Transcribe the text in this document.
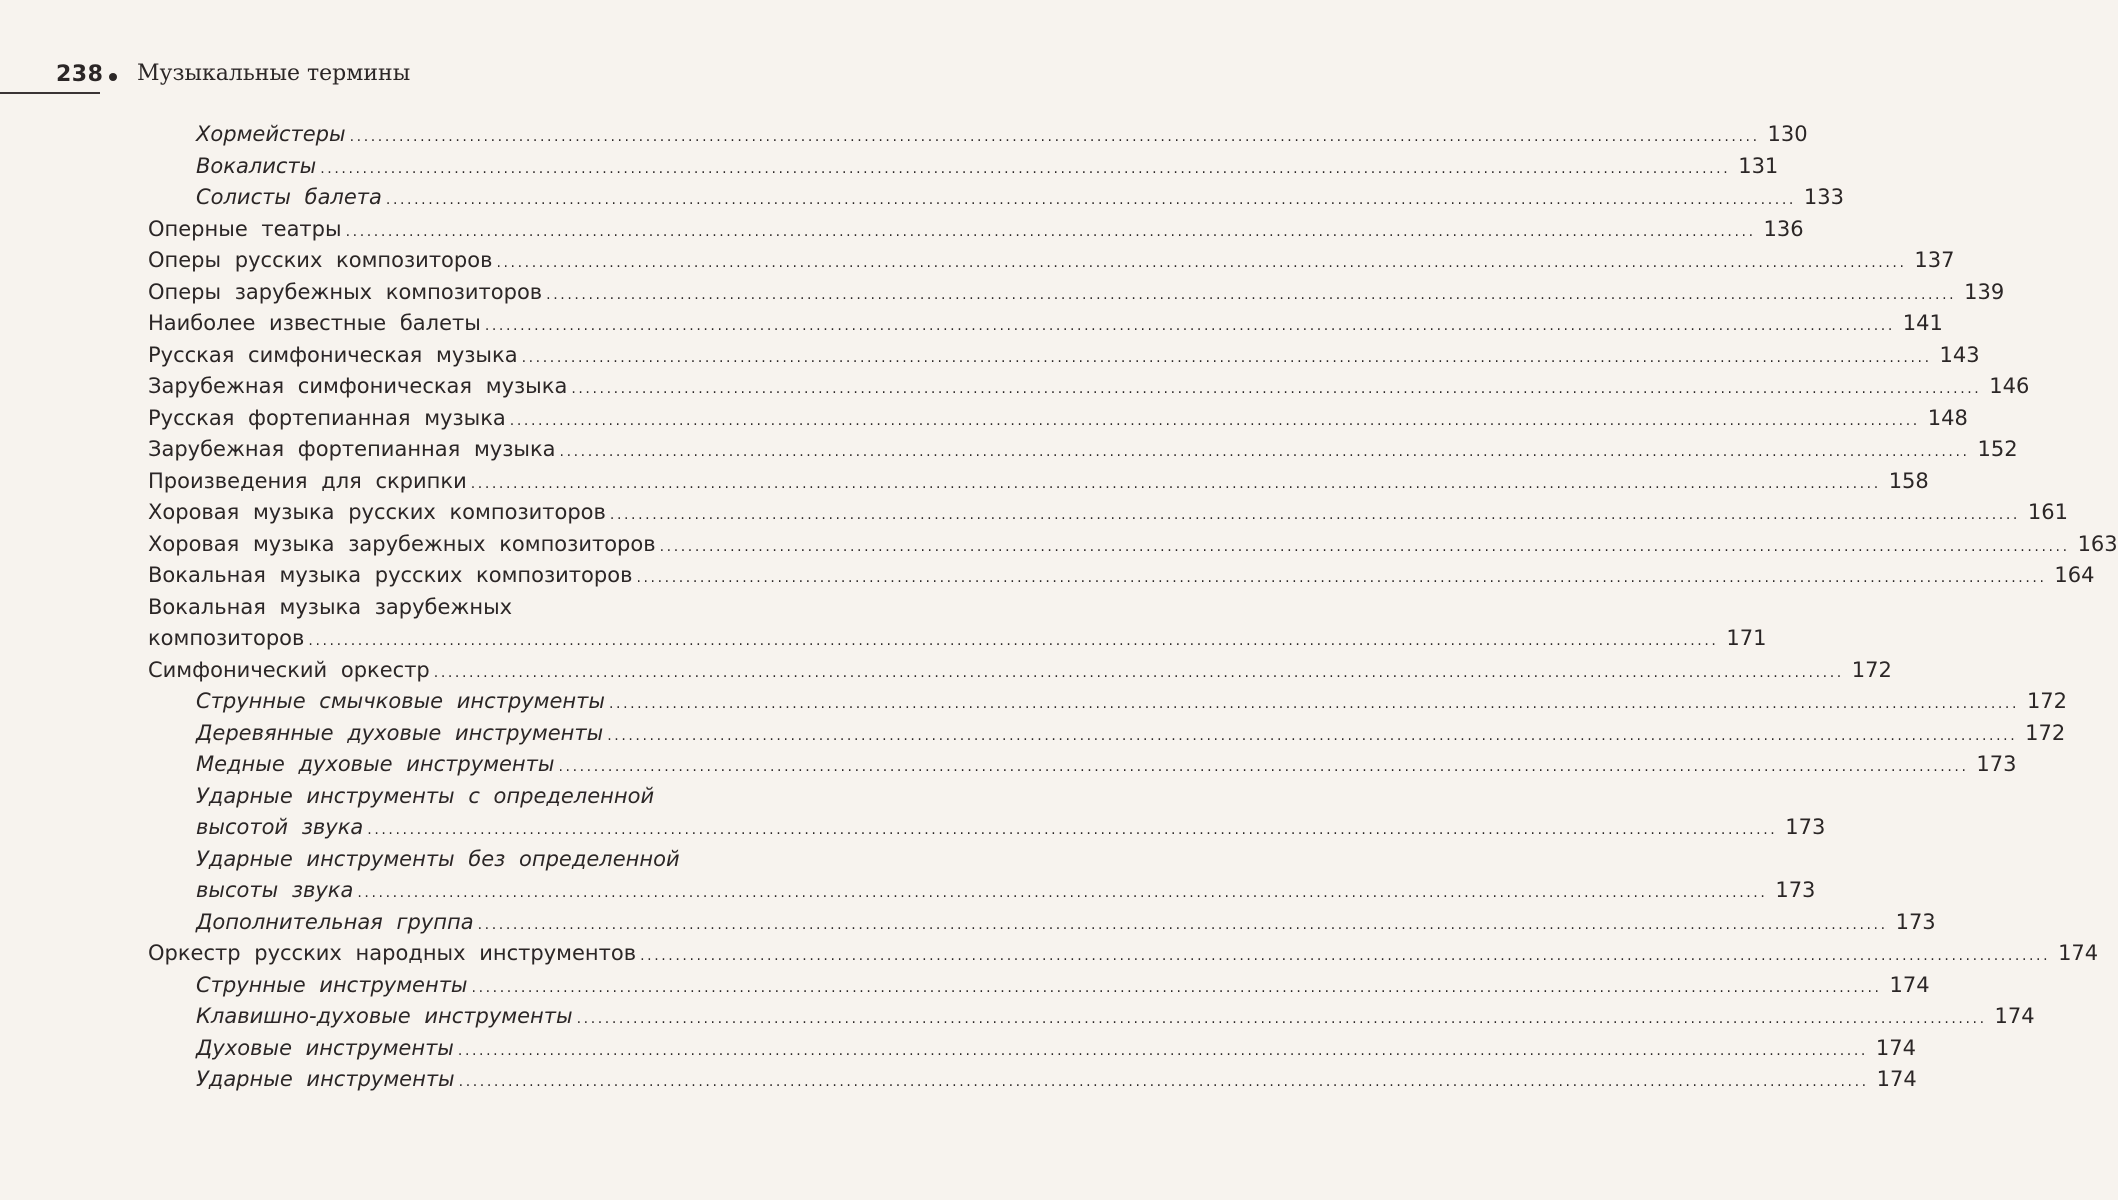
238 Музыкальные термины
Хормейстеры ........................................................................................................................................................................................................ 130
Вокалисты ........................................................................................................................................................................................................ 131
Солисты балета ........................................................................................................................................................................................................ 133
Оперные театры ........................................................................................................................................................................................................ 136
Оперы русских композиторов ........................................................................................................................................................................................................ 137
Оперы зарубежных композиторов ........................................................................................................................................................................................................ 139
Наиболее известные балеты ........................................................................................................................................................................................................ 141
Русская симфоническая музыка ........................................................................................................................................................................................................ 143
Зарубежная симфоническая музыка ........................................................................................................................................................................................................ 146
Русская фортепианная музыка ........................................................................................................................................................................................................ 148
Зарубежная фортепианная музыка ........................................................................................................................................................................................................ 152
Произведения для скрипки ........................................................................................................................................................................................................ 158
Хоровая музыка русских композиторов ........................................................................................................................................................................................................ 161
Хоровая музыка зарубежных композиторов ........................................................................................................................................................................................................ 163
Вокальная музыка русских композиторов ........................................................................................................................................................................................................ 164
Вокальная музыка зарубежных
композиторов ........................................................................................................................................................................................................ 171
Симфонический оркестр ........................................................................................................................................................................................................ 172
Струнные смычковые инструменты ........................................................................................................................................................................................................ 172
Деревянные духовые инструменты ........................................................................................................................................................................................................ 172
Медные духовые инструменты ........................................................................................................................................................................................................ 173
Ударные инструменты с определенной
высотой звука ........................................................................................................................................................................................................ 173
Ударные инструменты без определенной
высоты звука ........................................................................................................................................................................................................ 173
Дополнительная группа ........................................................................................................................................................................................................ 173
Оркестр русских народных инструментов ........................................................................................................................................................................................................ 174
Струнные инструменты ........................................................................................................................................................................................................ 174
Клавишно-духовые инструменты ........................................................................................................................................................................................................ 174
Духовые инструменты ........................................................................................................................................................................................................ 174
Ударные инструменты ........................................................................................................................................................................................................ 174
